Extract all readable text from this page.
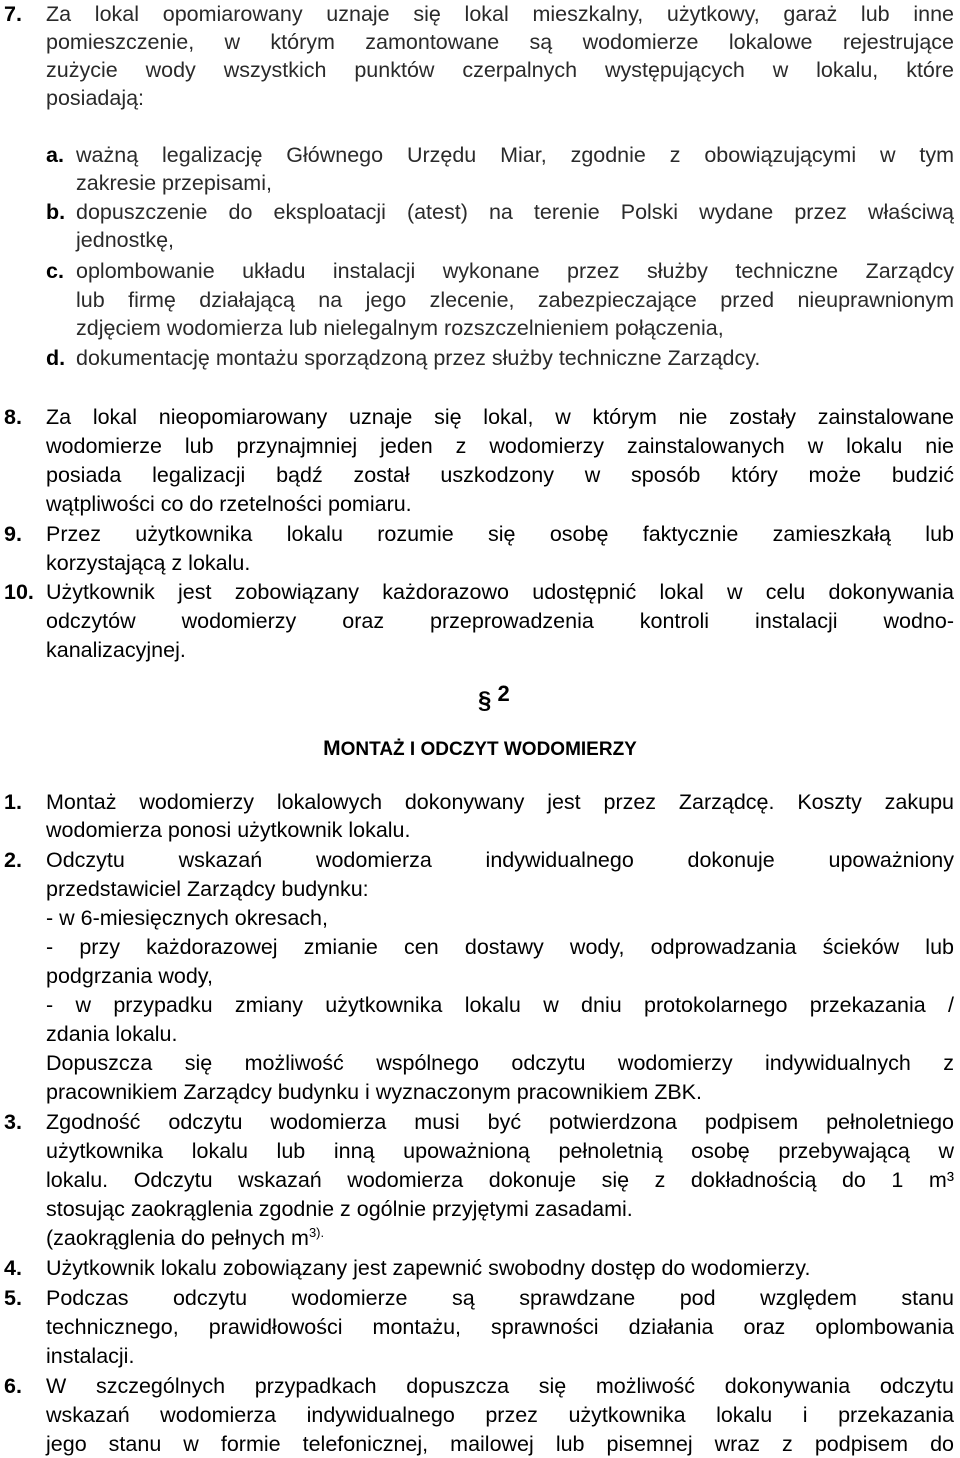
7. Za lokal opomiarowany uznaje się lokal mieszkalny, użytkowy, garaż lub inne
pomieszczenie, w którym zamontowane są wodomierze lokalowe rejestrujące
zużycie wody wszystkich punktów czerpalnych występujących w lokalu, które
posiadają:
a. ważną legalizację Głównego Urzędu Miar, zgodnie z obowiązującymi w tym
zakresie przepisami,
b. dopuszczenie do eksploatacji (atest) na terenie Polski wydane przez właściwą
jednostkę,
c. oplombowanie układu instalacji wykonane przez służby techniczne Zarządcy
lub firmę działającą na jego zlecenie, zabezpieczające przed nieuprawnionym
zdjęciem wodomierza lub nielegalnym rozszczelnieniem połączenia,
d. dokumentację montażu sporządzoną przez służby techniczne Zarządcy.
8. Za lokal nieopomiarowany uznaje się lokal, w którym nie zostały zainstalowane
wodomierze lub przynajmniej jeden z wodomierzy zainstalowanych w lokalu nie
posiada legalizacji bądź został uszkodzony w sposób który może budzić
wątpliwości co do rzetelności pomiaru.
9. Przez użytkownika lokalu rozumie się osobę faktycznie zamieszkałą lub
korzystającą z lokalu.
10. Użytkownik jest zobowiązany każdorazowo udostępnić lokal w celu dokonywania
odczytów wodomierzy oraz przeprowadzenia kontroli instalacji wodno-
kanalizacyjnej.
§ 2
MONTAŻ I ODCZYT WODOMIERZY
1. Montaż wodomierzy lokalowych dokonywany jest przez Zarządcę. Koszty zakupu
wodomierza ponosi użytkownik lokalu.
2. Odczytu wskazań wodomierza indywidualnego dokonuje upoważniony
przedstawiciel Zarządcy budynku:
- w 6-miesięcznych okresach,
- przy każdorazowej zmianie cen dostawy wody, odprowadzania ścieków lub
podgrzania wody,
- w przypadku zmiany użytkownika lokalu w dniu protokolarnego przekazania /
zdania lokalu.
Dopuszcza się możliwość wspólnego odczytu wodomierzy indywidualnych z
pracownikiem Zarządcy budynku i wyznaczonym pracownikiem ZBK.
3. Zgodność odczytu wodomierza musi być potwierdzona podpisem pełnoletniego
użytkownika lokalu lub inną upoważnioną pełnoletnią osobę przebywającą w
lokalu. Odczytu wskazań wodomierza dokonuje się z dokładnością do 1 m³
stosując zaokrąglenia zgodnie z ogólnie przyjętymi zasadami.
(zaokrąglenia do pełnych $m^{3).}$
4. Użytkownik lokalu zobowiązany jest zapewnić swobodny dostęp do wodomierzy.
5. Podczas odczytu wodomierze są sprawdzane pod względem stanu
technicznego, prawidłowości montażu, sprawności działania oraz oplombowania
instalacji.
6. W szczególnych przypadkach dopuszcza się możliwość dokonywania odczytu
wskazań wodomierza indywidualnego przez użytkownika lokalu i przekazania
jego stanu w formie telefonicznej, mailowej lub pisemnej wraz z podpisem do
